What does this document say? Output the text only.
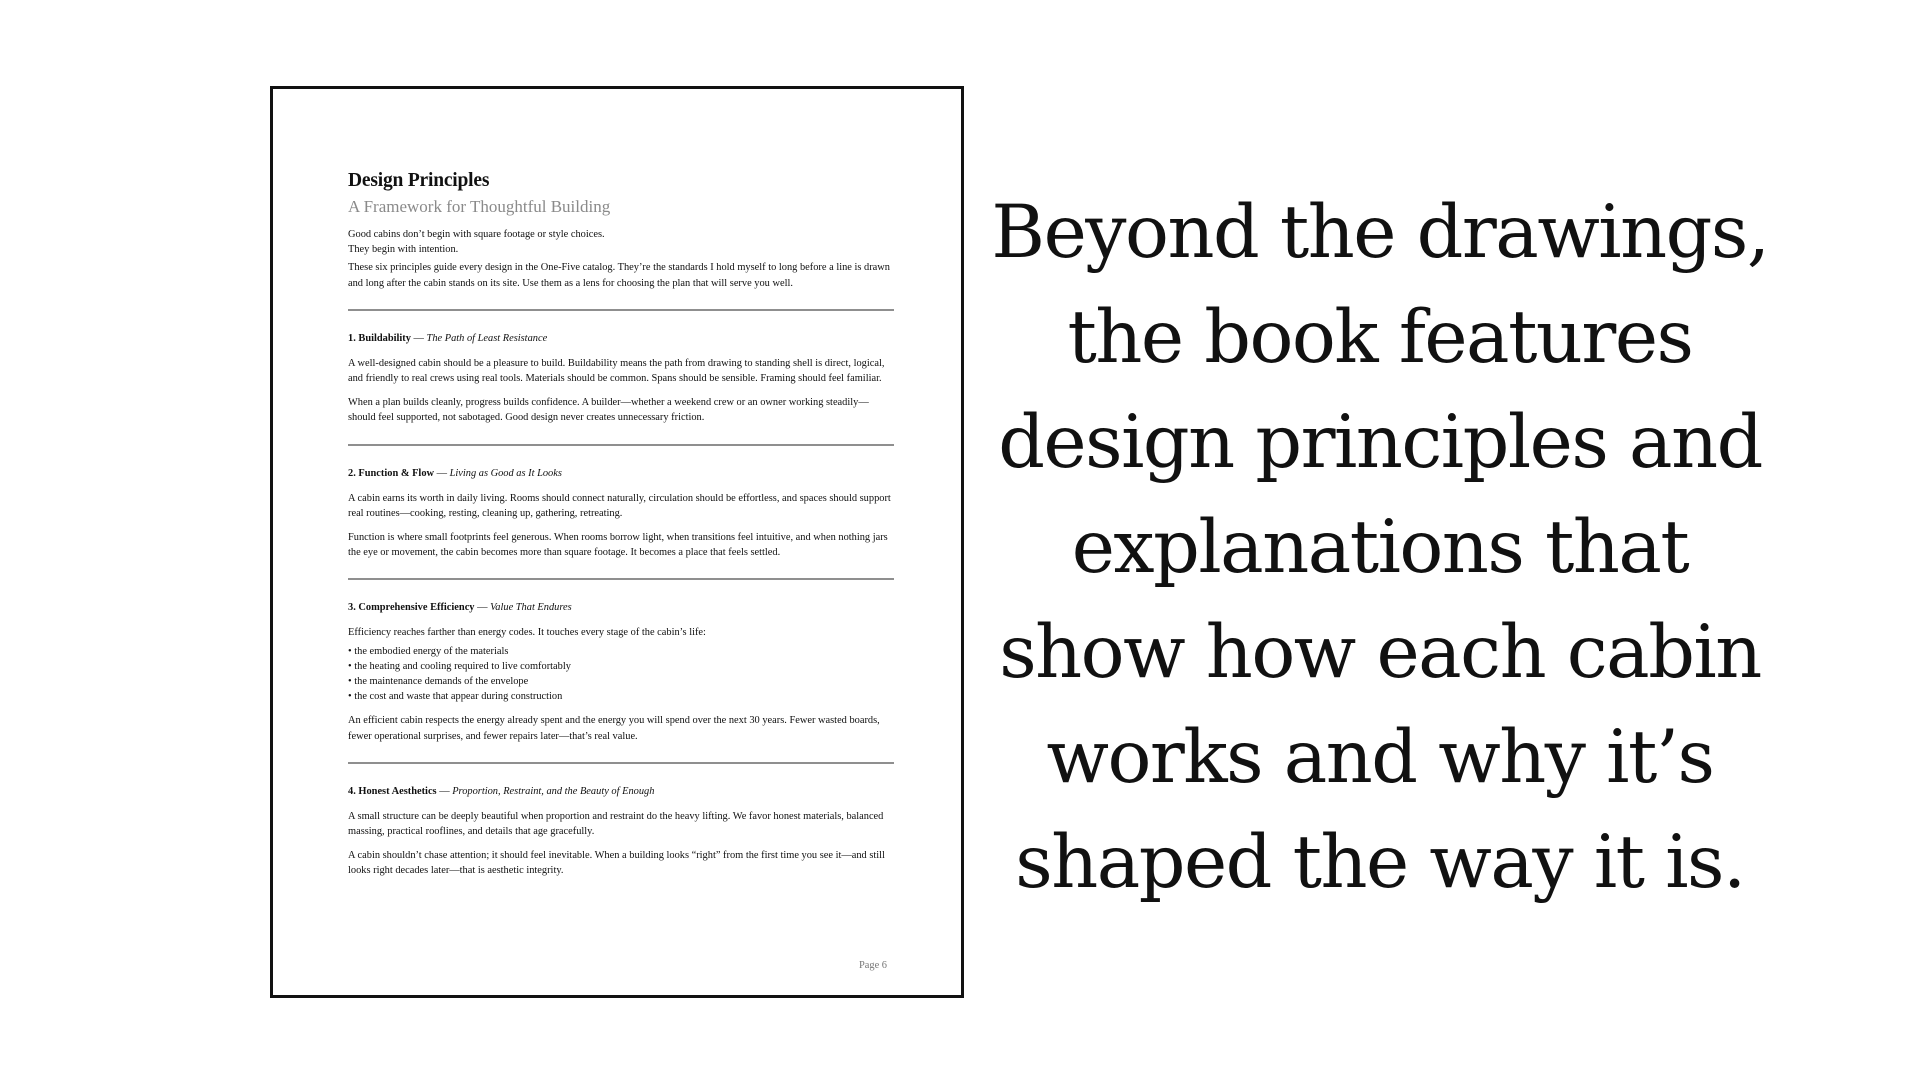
Design Principles
A Framework for Thoughtful Building

Good cabins don’t begin with square footage or style choices.
They begin with intention.

These six principles guide every design in the One-Five catalog. They’re the standards I hold myself to long before a line is drawn and long after the cabin stands on its site. Use them as a lens for choosing the plan that will serve you well.

1. Buildability — The Path of Least Resistance

A well-designed cabin should be a pleasure to build. Buildability means the path from drawing to standing shell is direct, logical, and friendly to real crews using real tools. Materials should be common. Spans should be sensible. Framing should feel familiar.

When a plan builds cleanly, progress builds confidence. A builder—whether a weekend crew or an owner working steadily—should feel supported, not sabotaged. Good design never creates unnecessary friction.

2. Function & Flow — Living as Good as It Looks

A cabin earns its worth in daily living. Rooms should connect naturally, circulation should be effortless, and spaces should support real routines—cooking, resting, cleaning up, gathering, retreating.

Function is where small footprints feel generous. When rooms borrow light, when transitions feel intuitive, and when nothing jars the eye or movement, the cabin becomes more than square footage. It becomes a place that feels settled.

3. Comprehensive Efficiency — Value That Endures

Efficiency reaches farther than energy codes. It touches every stage of the cabin’s life:

• the embodied energy of the materials
• the heating and cooling required to live comfortably
• the maintenance demands of the envelope
• the cost and waste that appear during construction

An efficient cabin respects the energy already spent and the energy you will spend over the next 30 years. Fewer wasted boards, fewer operational surprises, and fewer repairs later—that’s real value.

4. Honest Aesthetics — Proportion, Restraint, and the Beauty of Enough

A small structure can be deeply beautiful when proportion and restraint do the heavy lifting. We favor honest materials, balanced massing, practical rooflines, and details that age gracefully.

A cabin shouldn’t chase attention; it should feel inevitable. When a building looks “right” from the first time you see it—and still looks right decades later—that is aesthetic integrity.

Page 6
Beyond the drawings,
the book features
design principles and
explanations that
show how each cabin
works and why it’s
shaped the way it is.
